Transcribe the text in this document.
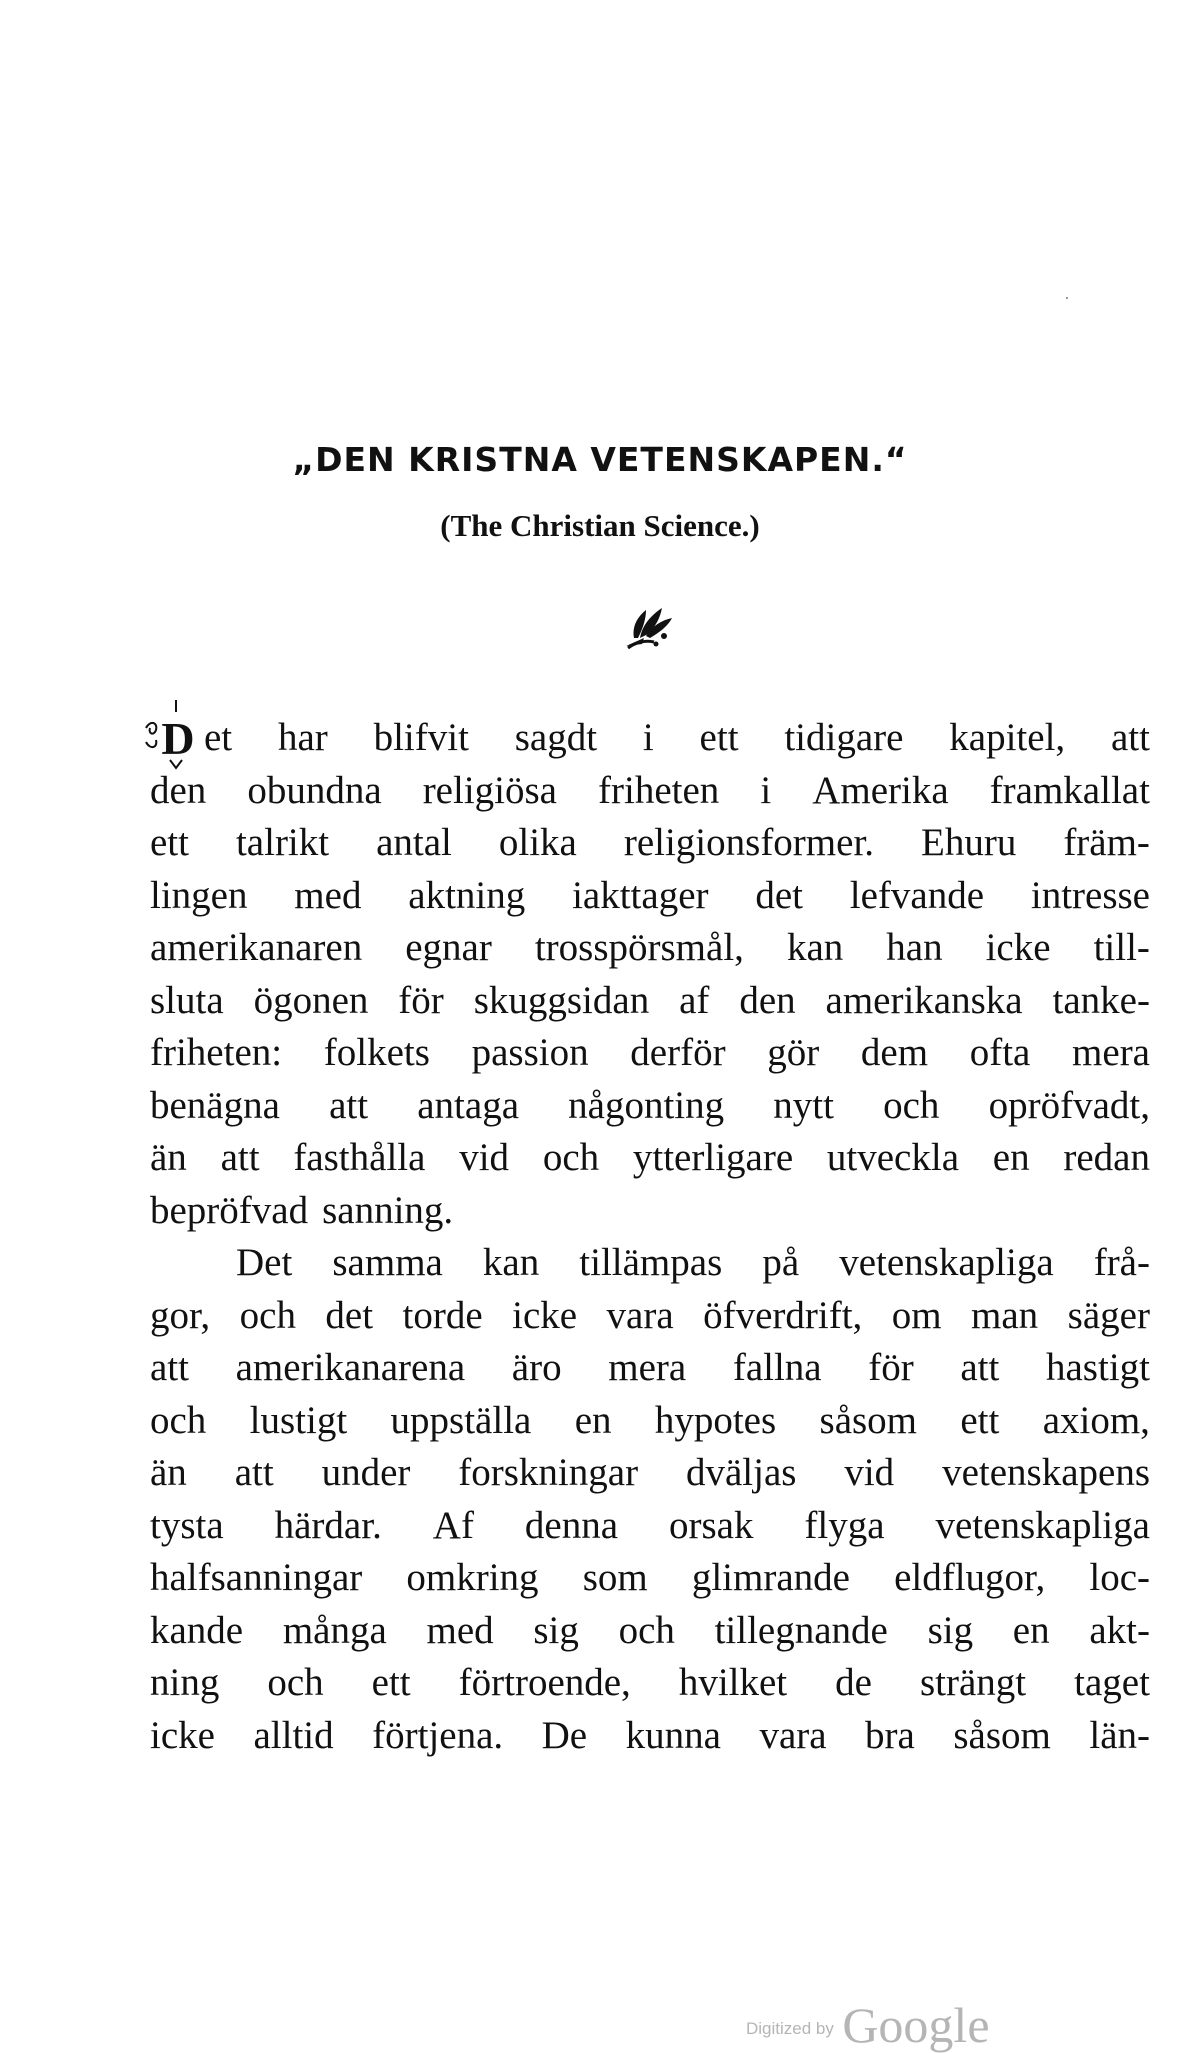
„DEN KRISTNA VETENSKAPEN.“
(The Christian Science.)
D et har blifvit sagdt i ett tidigare kapitel, att
den obundna religiösa friheten i Amerika framkallat
ett talrikt antal olika religionsformer. Ehuru främ-
lingen med aktning iakttager det lefvande intresse
amerikanaren egnar trosspörsmål, kan han icke till-
sluta ögonen för skuggsidan af den amerikanska tanke-
friheten: folkets passion derför gör dem ofta mera
benägna att antaga någonting nytt och opröfvadt,
än att fasthålla vid och ytterligare utveckla en redan
bepröfvad sanning.
Det samma kan tillämpas på vetenskapliga frå-
gor, och det torde icke vara öfverdrift, om man säger
att amerikanarena äro mera fallna för att hastigt
och lustigt uppställa en hypotes såsom ett axiom,
än att under forskningar dväljas vid vetenskapens
tysta härdar. Af denna orsak flyga vetenskapliga
halfsanningar omkring som glimrande eldflugor, loc-
kande många med sig och tillegnande sig en akt-
ning och ett förtroende, hvilket de strängt taget
icke alltid förtjena. De kunna vara bra såsom län-
Digitized by Google
